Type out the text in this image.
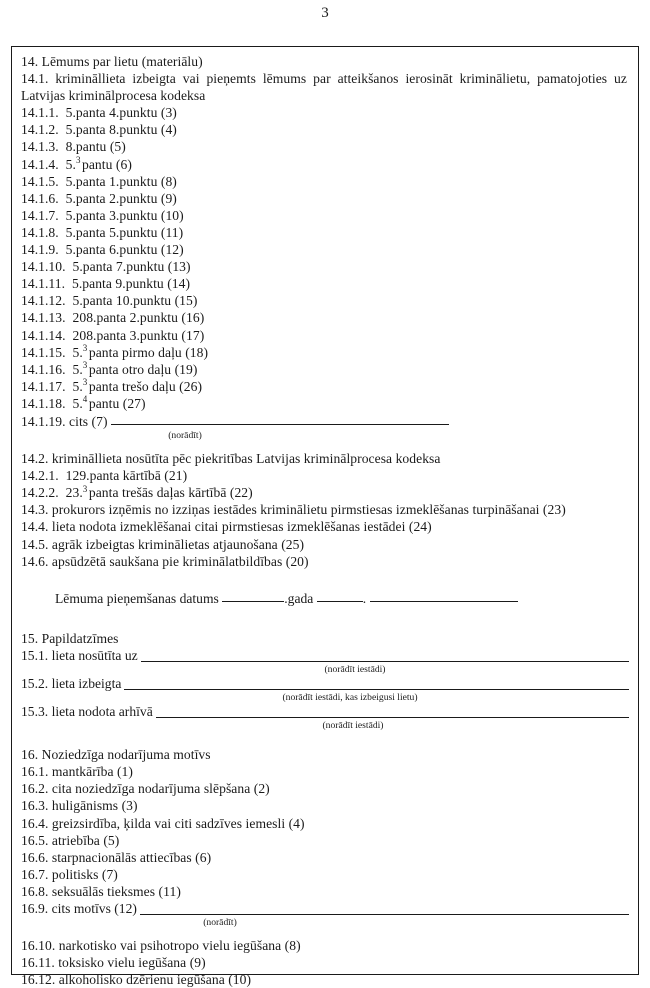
3
14. Lēmums par lietu (materiālu)
14.1. krimināllieta izbeigta vai pieņemts lēmums par atteikšanos ierosināt kriminālietu, pamatojoties uz Latvijas kriminālprocesa kodeksa
14.1.1. 5.panta 4.punktu (3)
14.1.2. 5.panta 8.punktu (4)
14.1.3. 8.pantu (5)
14.1.4. 5.$^3$ pantu (6)
14.1.5. 5.panta 1.punktu (8)
14.1.6. 5.panta 2.punktu (9)
14.1.7. 5.panta 3.punktu (10)
14.1.8. 5.panta 5.punktu (11)
14.1.9. 5.panta 6.punktu (12)
14.1.10. 5.panta 7.punktu (13)
14.1.11. 5.panta 9.punktu (14)
14.1.12. 5.panta 10.punktu (15)
14.1.13. 208.panta 2.punktu (16)
14.1.14. 208.panta 3.punktu (17)
14.1.15. 5.$^3$ panta pirmo daļu (18)
14.1.16. 5.$^3$ panta otro daļu (19)
14.1.17. 5.$^3$ panta trešo daļu (26)
14.1.18. 5.$^4$ pantu (27)
14.1.19. cits (7)
(norādīt)
14.2. krimināllieta nosūtīta pēc piekritības Latvijas kriminālprocesa kodeksa
14.2.1. 129.panta kārtībā (21)
14.2.2. 23.$^3$ panta trešās daļas kārtībā (22)
14.3. prokurors izņēmis no izziņas iestādes kriminālietu pirmstiesas izmeklēšanas turpināšanai (23)
14.4. lieta nodota izmeklēšanai citai pirmstiesas izmeklēšanas iestādei (24)
14.5. agrāk izbeigtas kriminālietas atjaunošana (25)
14.6. apsūdzētā saukšana pie kriminālatbildības (20)
Lēmuma pieņemšanas datums	.gada	.
15. Papildatzīmes
15.1. lieta nosūtīta uz
(norādīt iestādi)
15.2. lieta izbeigta
(norādīt iestādi, kas izbeigusi lietu)
15.3. lieta nodota arhīvā
(norādīt iestādi)
16. Noziedzīga nodarījuma motīvs
16.1. mantkārība (1)
16.2. cita noziedzīga nodarījuma slēpšana (2)
16.3. huligānisms (3)
16.4. greizsirdība, ķilda vai citi sadzīves iemesli (4)
16.5. atriebība (5)
16.6. starpnacionālās attiecības (6)
16.7. politisks (7)
16.8. seksuālās tieksmes (11)
16.9. cits motīvs (12)
(norādīt)
16.10. narkotisko vai psihotropo vielu iegūšana (8)
16.11. toksisko vielu iegūšana (9)
16.12. alkoholisko dzērienu iegūšana (10)
